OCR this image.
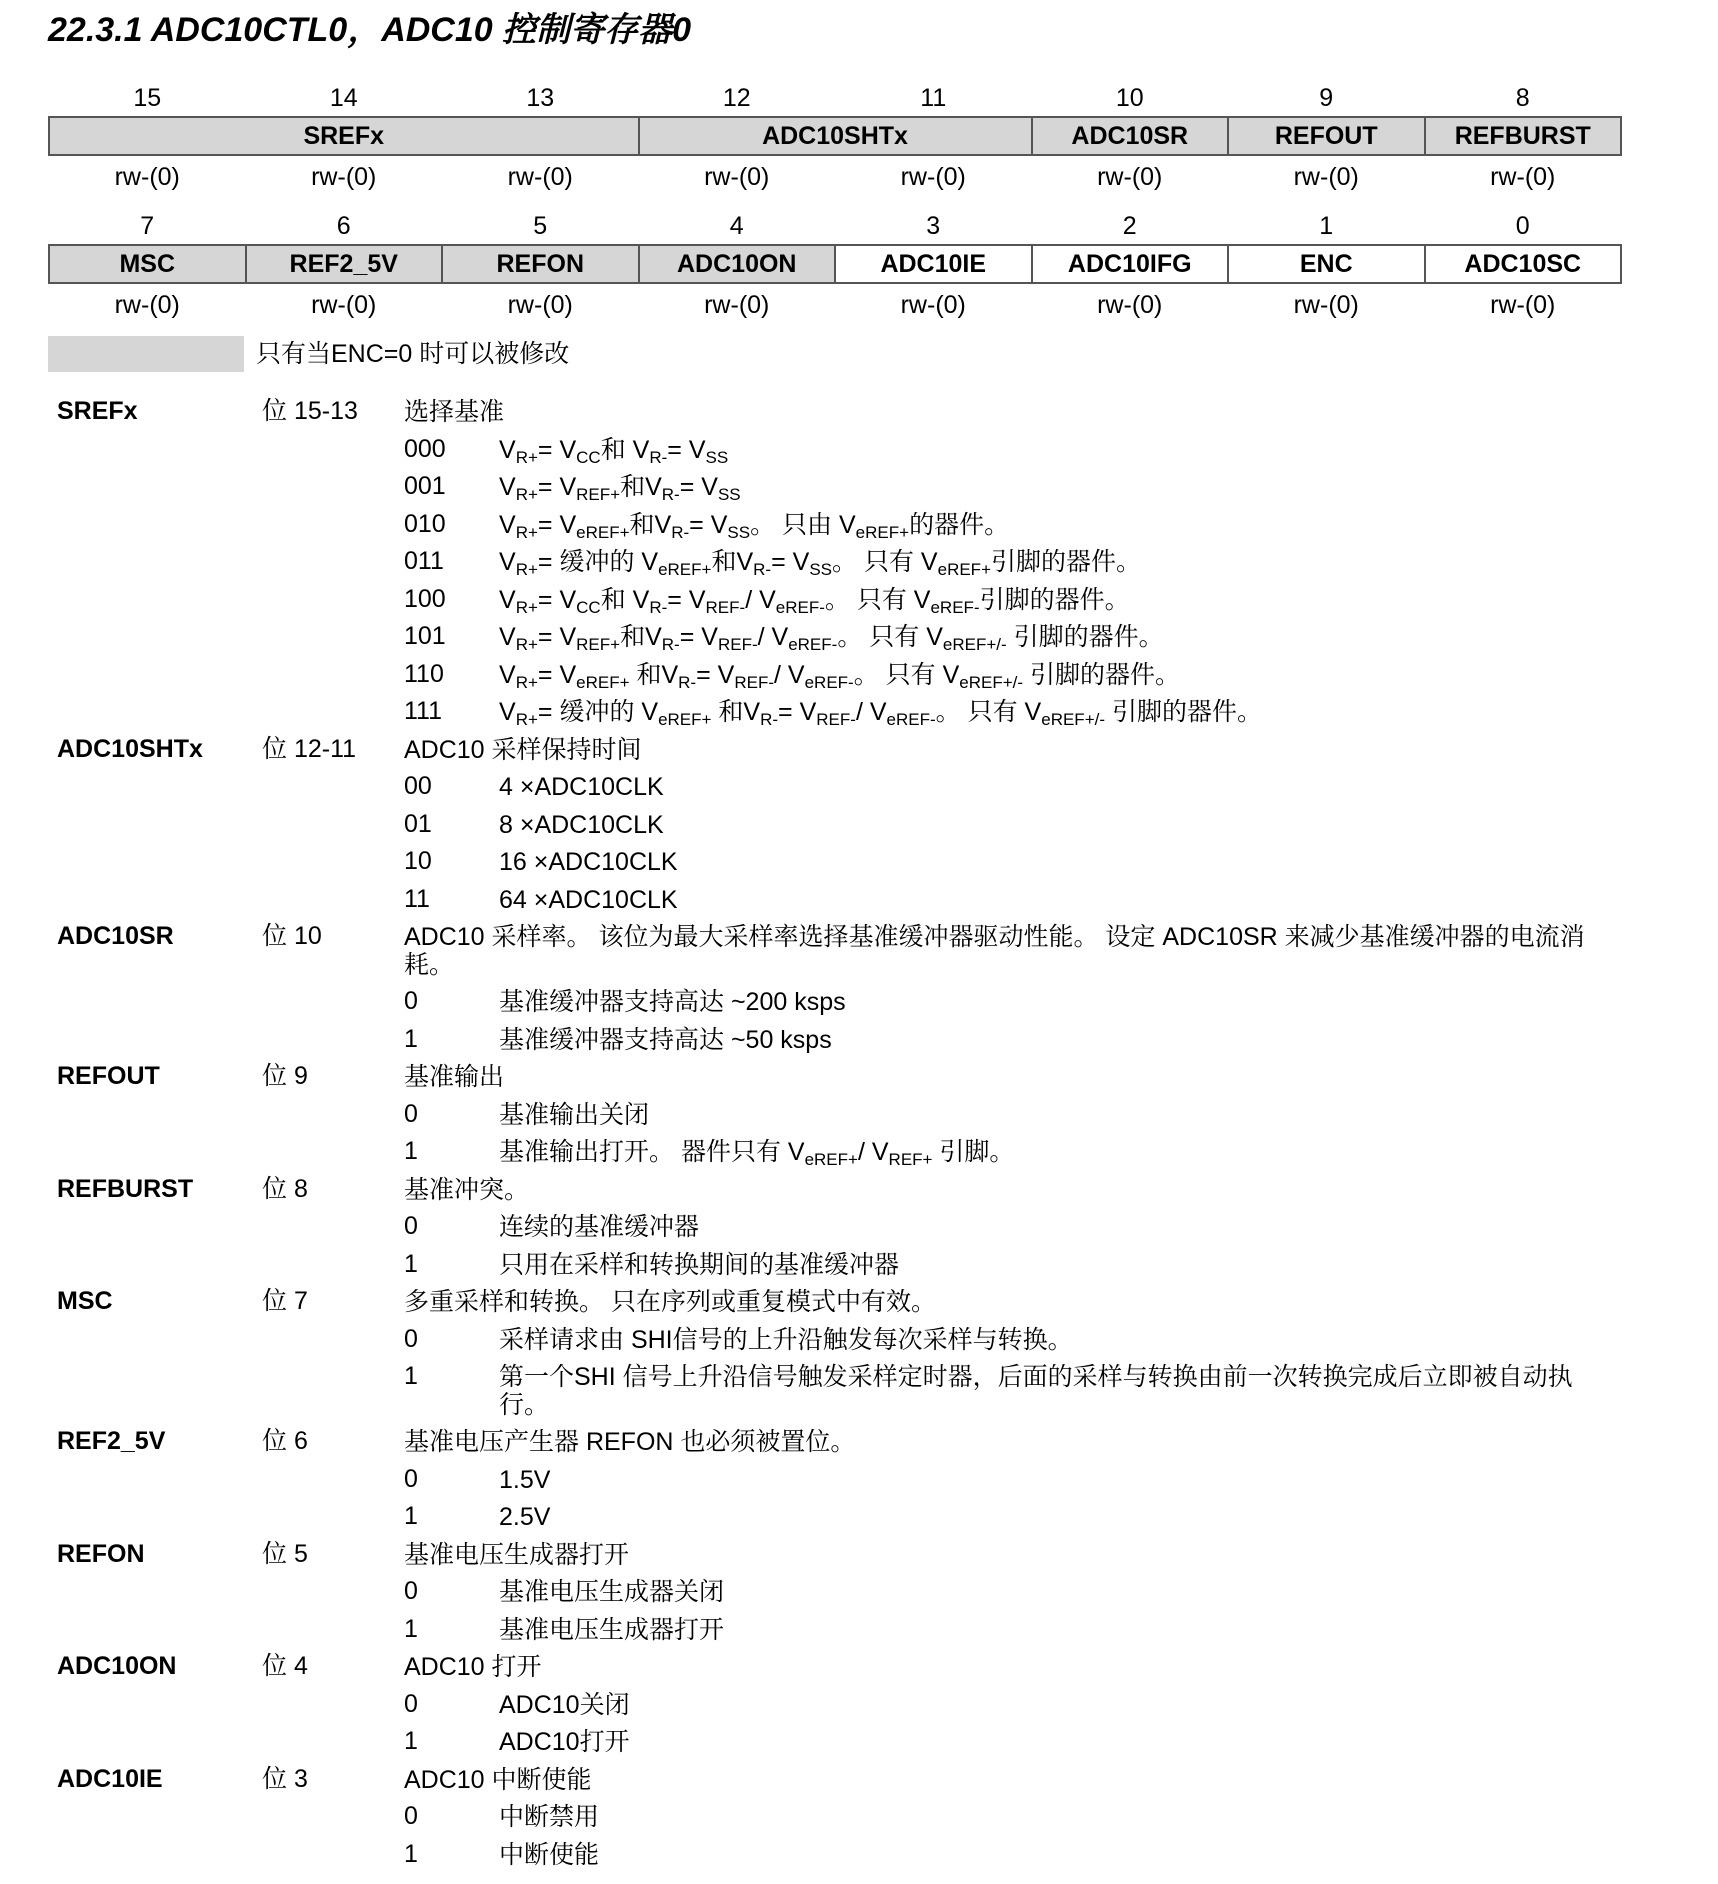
22.3.1 ADC10CTL0，ADC10 控制寄存器0
15	14	13	12	11	10	9	8
SREFx			ADC10SHTx		ADC10SR	REFOUT	REFBURST
rw-(0)	rw-(0)	rw-(0)	rw-(0)	rw-(0)	rw-(0)	rw-(0)	rw-(0)
7	6	5	4	3	2	1	0
MSC	REF2_5V	REFON	ADC10ON	ADC10IE	ADC10IFG	ENC	ADC10SC
rw-(0)	rw-(0)	rw-(0)	rw-(0)	rw-(0)	rw-(0)	rw-(0)	rw-(0)
只有当ENC=0 时可以被修改
SREFx	位 15-13 选择基准
000 $V_{R+}= V_{CC}$和 $V_{R-}= V_{SS}$
001 $V_{R+}= V_{REF+}$和$V_{R-}= V_{SS}$
010 $V_{R+}= V_{eREF+}$和$V_{R-}= V_{SS}$。 只由 $V_{eREF+}$的器件。
011 $V_{R+}=$ 缓冲的 $V_{eREF+}$和$V_{R-}= V_{SS}$。 只有 $V_{eREF+}$引脚的器件。
100 $V_{R+}= V_{CC}$和 $V_{R-}= V_{REF-}/$ $V_{eREF-}$。 只有 $V_{eREF-}$引脚的器件。
101 $V_{R+}= V_{REF+}$和$V_{R-}= V_{REF-}/$ $V_{eREF-}$。 只有 $V_{eREF+/-}$ 引脚的器件。
110 $V_{R+}= V_{eREF+}$ 和$V_{R-}= V_{REF-}/$ $V_{eREF-}$。 只有 $V_{eREF+/-}$ 引脚的器件。
111 $V_{R+}=$ 缓冲的 $V_{eREF+}$ 和$V_{R-}= V_{REF-}/$ $V_{eREF-}$。 只有 $V_{eREF+/-}$ 引脚的器件。
ADC10SHTx 位 12-11 ADC10 采样保持时间
00	4 ×ADC10CLK
01	8 ×ADC10CLK
10	16 ×ADC10CLK
11	64 ×ADC10CLK
ADC10SR	位 10	ADC10 采样率。 该位为最大采样率选择基准缓冲器驱动性能。 设定 ADC10SR 来减少基准缓冲器的电流消耗。
0	基准缓冲器支持高达 ~200 ksps
1	基准缓冲器支持高达 ~50 ksps
REFOUT	位 9	基准输出
0	基准输出关闭
1	基准输出打开。 器件只有 $V_{eREF+}/$ $V_{REF+}$ 引脚。
REFBURST	位 8	基准冲突。
0	连续的基准缓冲器
1	只用在采样和转换期间的基准缓冲器
MSC	位 7	多重采样和转换。 只在序列或重复模式中有效。
0	采样请求由 SHI信号的上升沿触发每次采样与转换。
1	第一个SHI 信号上升沿信号触发采样定时器，后面的采样与转换由前一次转换完成后立即被自动执行。
REF2_5V	位 6	基准电压产生器 REFON 也必须被置位。
0	1.5V
1	2.5V
REFON	位 5	基准电压生成器打开
0	基准电压生成器关闭
1	基准电压生成器打开
ADC10ON	位 4	ADC10 打开
0	ADC10关闭
1	ADC10打开
ADC10IE	位 3	ADC10 中断使能
0	中断禁用
1	中断使能
